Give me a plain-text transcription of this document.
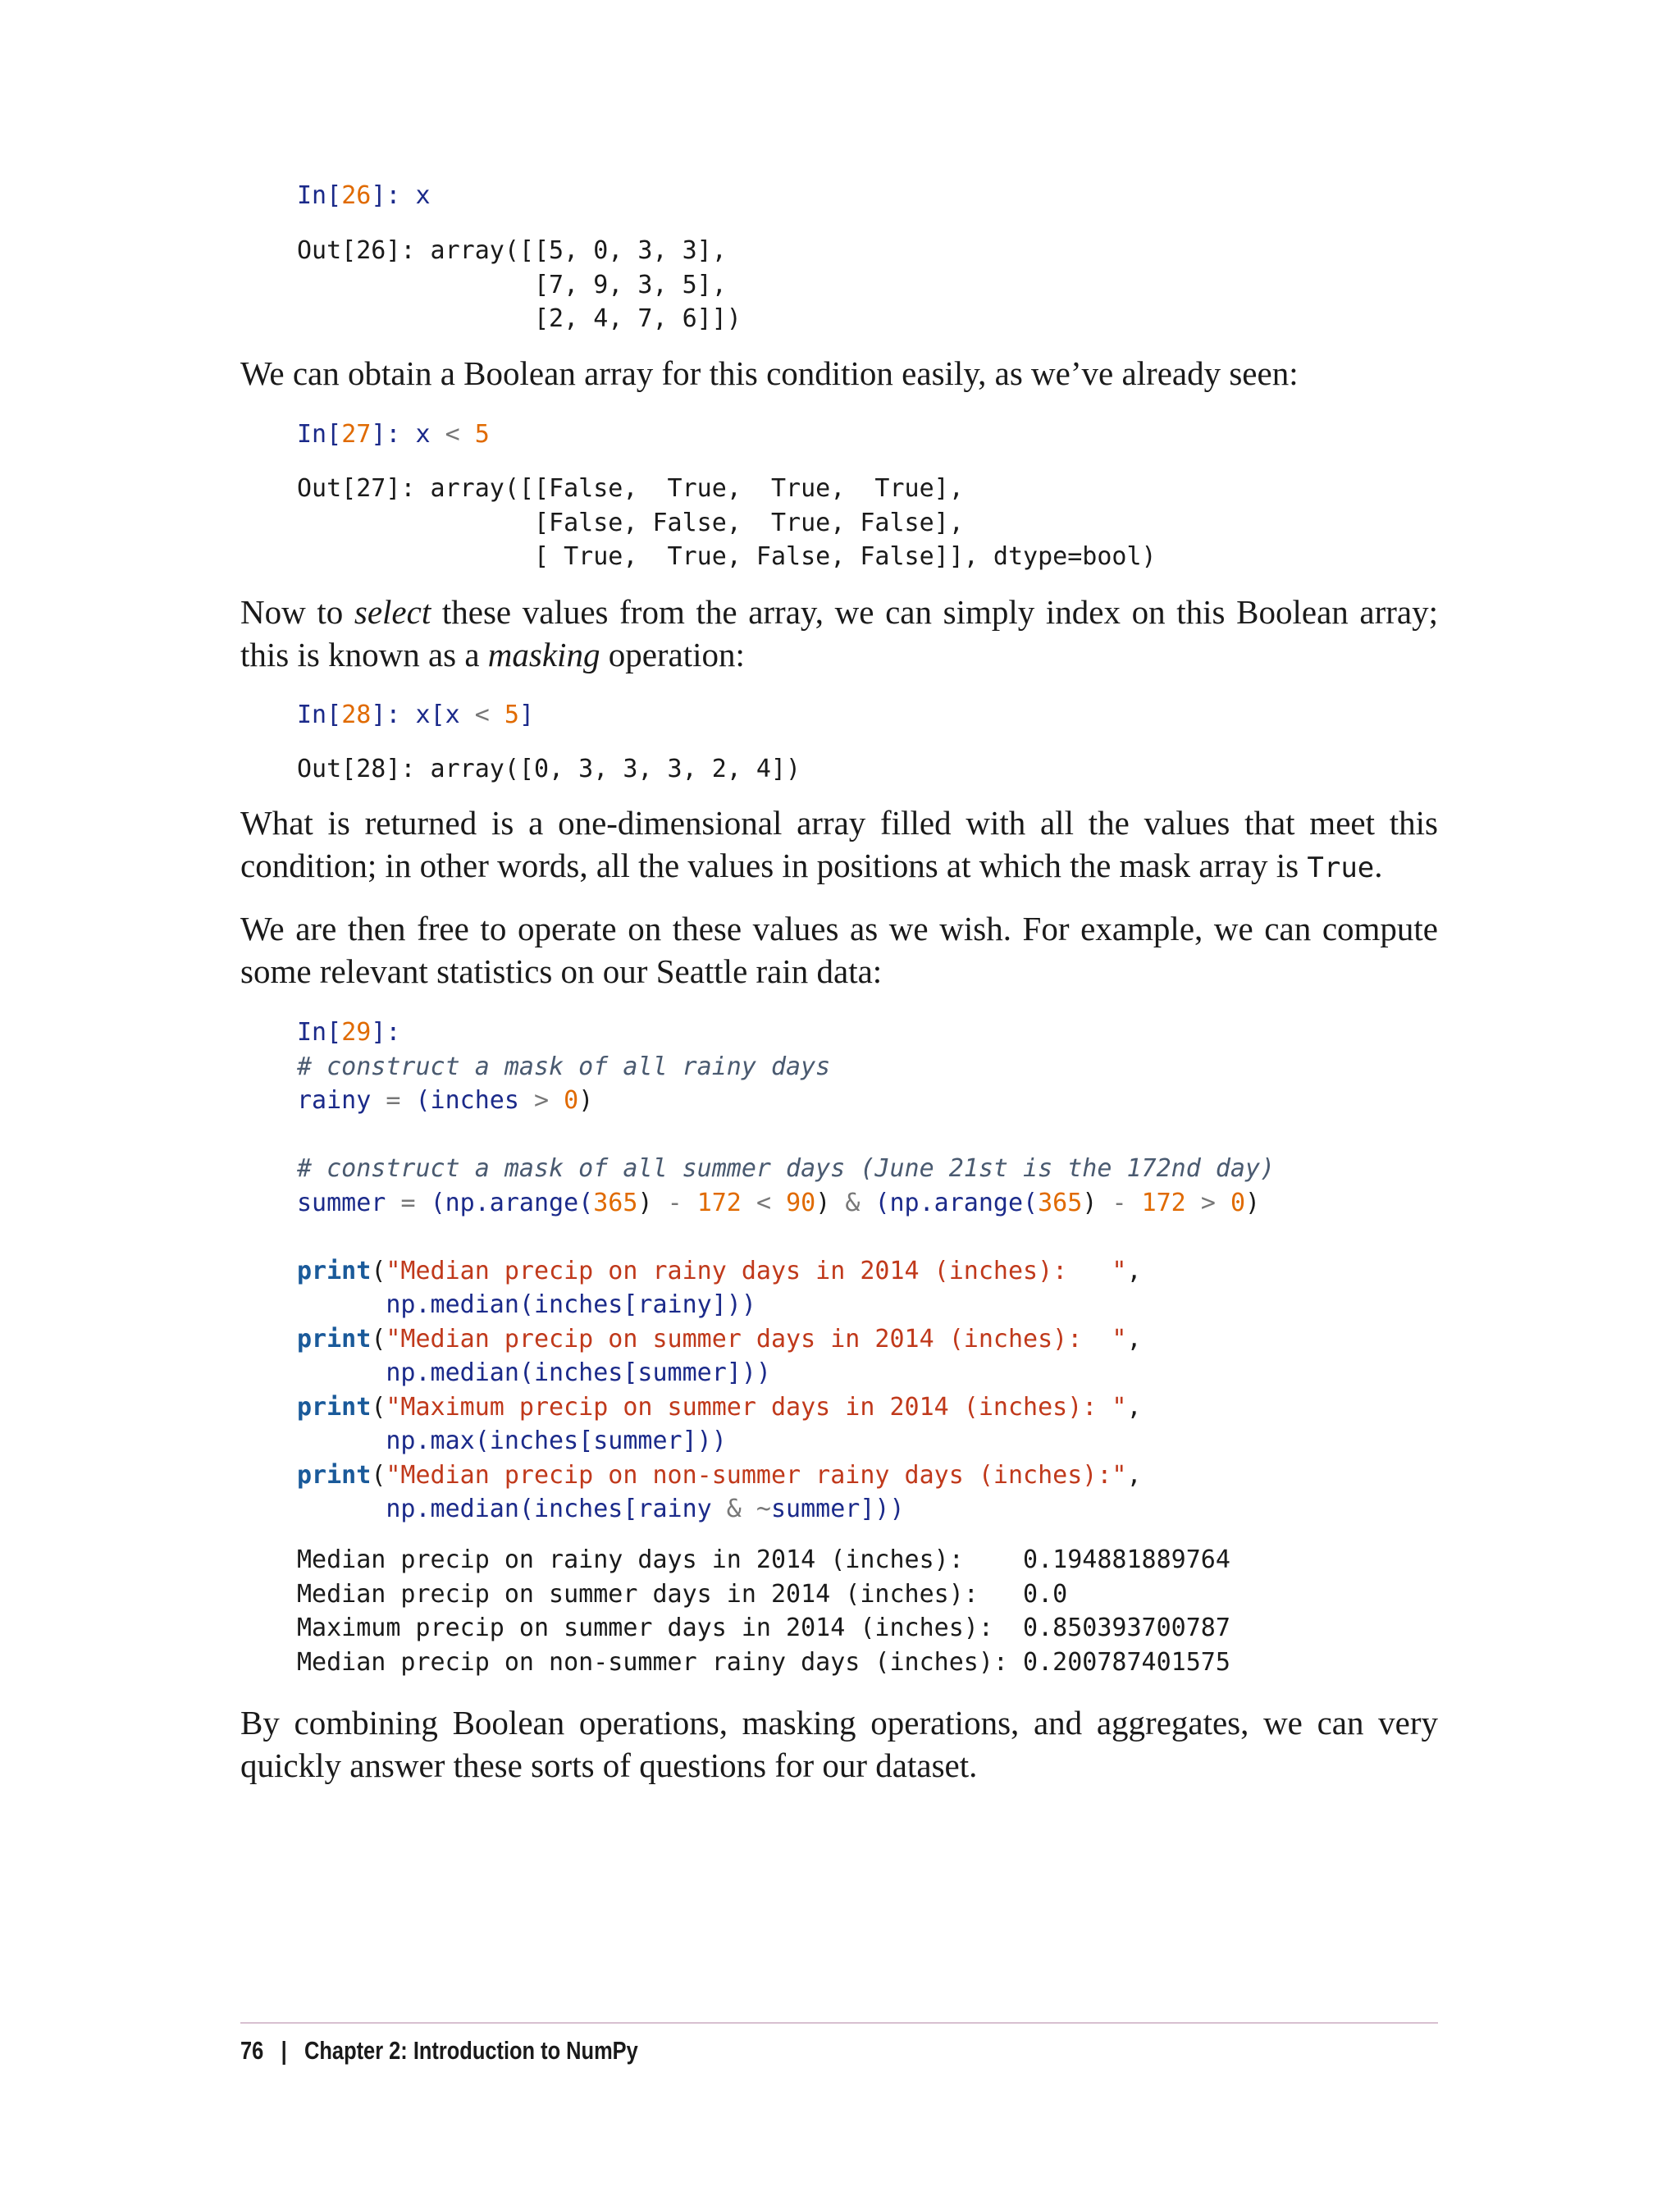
In[26]: x
Out[26]: array([[5, 0, 3, 3],
[7, 9, 3, 5],
[2, 4, 7, 6]])

We can obtain a Boolean array for this condition easily, as we’ve already seen:

In[27]: x < 5
Out[27]: array([[False,  True,  True,  True],
[False, False,  True, False],
[ True,  True, False, False]], dtype=bool)

Now to select these values from the array, we can simply index on this Boolean array; this is known as a masking operation:

In[28]: x[x < 5]
Out[28]: array([0, 3, 3, 3, 2, 4])

What is returned is a one-dimensional array filled with all the values that meet this condition; in other words, all the values in positions at which the mask array is True.

We are then free to operate on these values as we wish. For example, we can compute some relevant statistics on our Seattle rain data:

In[29]:
# construct a mask of all rainy days
rainy = (inches > 0)

# construct a mask of all summer days (June 21st is the 172nd day)
summer = (np.arange(365) - 172 < 90) & (np.arange(365) - 172 > 0)

print("Median precip on rainy days in 2014 (inches):   ",
np.median(inches[rainy]))
print("Median precip on summer days in 2014 (inches):  ",
np.median(inches[summer]))
print("Maximum precip on summer days in 2014 (inches): ",
np.max(inches[summer]))
print("Median precip on non-summer rainy days (inches):",
np.median(inches[rainy & ~summer]))
Median precip on rainy days in 2014 (inches):    0.194881889764
Median precip on summer days in 2014 (inches):   0.0
Maximum precip on summer days in 2014 (inches):  0.850393700787
Median precip on non-summer rainy days (inches): 0.200787401575

By combining Boolean operations, masking operations, and aggregates, we can very quickly answer these sorts of questions for our dataset.

76 | Chapter 2: Introduction to NumPy
